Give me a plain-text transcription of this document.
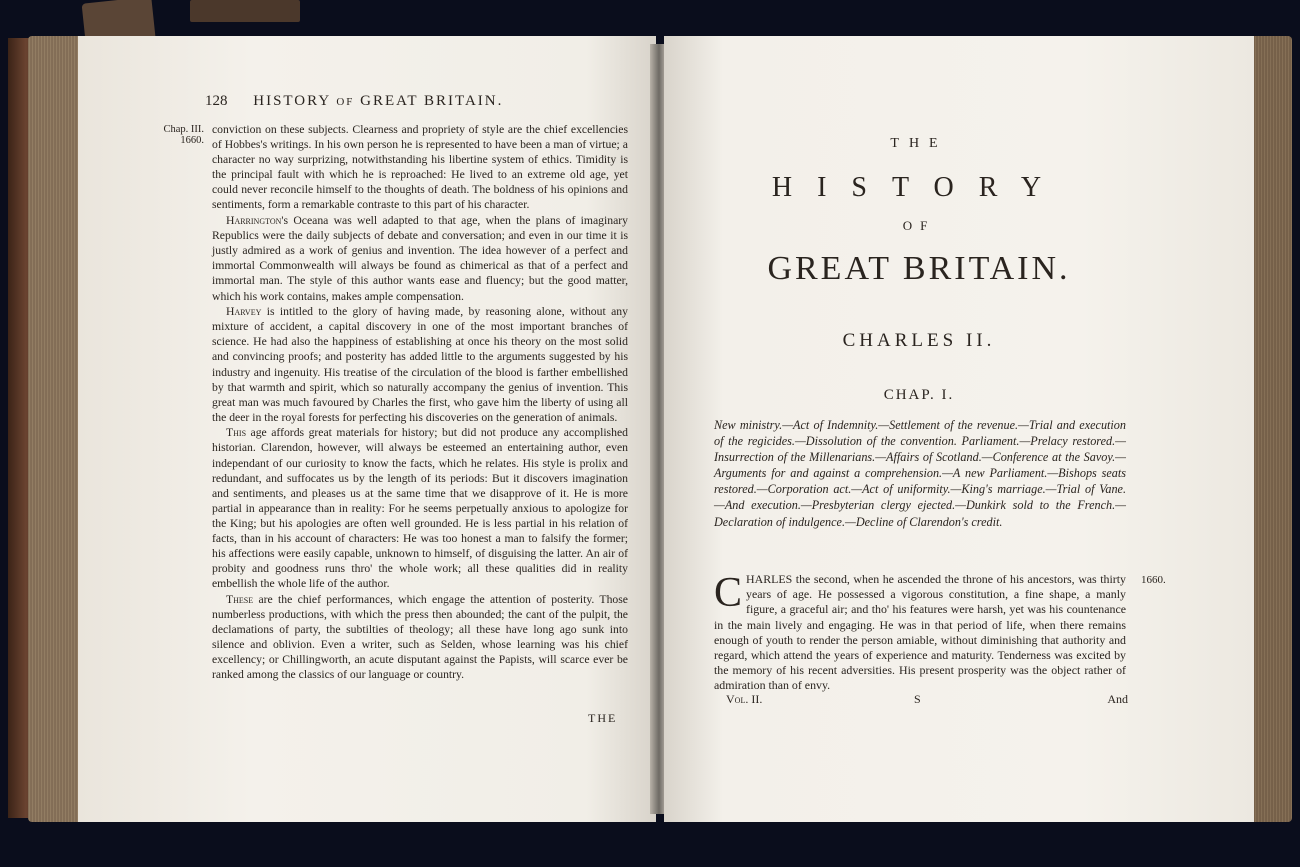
128 HISTORY OF GREAT BRITAIN.
Chap. III.
1660.

conviction on these subjects. Clearness and propriety of style are the chief excellencies of Hobbes's writings. In his own person he is represented to have been a man of virtue; a character no way surprizing, notwithstanding his libertine system of ethics. Timidity is the principal fault with which he is reproached: He lived to an extreme old age, yet could never reconcile himself to the thoughts of death. The boldness of his opinions and sentiments, form a remarkable contraste to this part of his character.

Harrington's Oceana was well adapted to that age, when the plans of imaginary Republics were the daily subjects of debate and conversation; and even in our time it is justly admired as a work of genius and invention. The idea however of a perfect and immortal Commonwealth will always be found as chimerical as that of a perfect and immortal man. The style of this author wants ease and fluency; but the good matter, which his work contains, makes ample compensation.

Harvey is intitled to the glory of having made, by reasoning alone, without any mixture of accident, a capital discovery in one of the most important branches of science. He had also the happiness of establishing at once his theory on the most solid and convincing proofs; and posterity has added little to the arguments suggested by his industry and ingenuity. His treatise of the circulation of the blood is farther embellished by that warmth and spirit, which so naturally accompany the genius of invention. This great man was much favoured by Charles the first, who gave him the liberty of using all the deer in the royal forests for perfecting his discoveries on the generation of animals.

This age affords great materials for history; but did not produce any accomplished historian. Clarendon, however, will always be esteemed an entertaining author, even independant of our curiosity to know the facts, which he relates. His style is prolix and redundant, and suffocates us by the length of its periods: But it discovers imagination and sentiments, and pleases us at the same time that we disapprove of it. He is more partial in appearance than in reality: For he seems perpetually anxious to apologize for the King; but his apologies are often well grounded. He is less partial in his relation of facts, than in his account of characters: He was too honest a man to falsify the former; his affections were easily capable, unknown to himself, of disguising the latter. An air of probity and goodness runs thro' the whole work; all these qualities did in reality embellish the whole life of the author.

These are the chief performances, which engage the attention of posterity. Those numberless productions, with which the press then abounded; the cant of the pulpit, the declamations of party, the subtilties of theology; all these have long ago sunk into silence and oblivion. Even a writer, such as Selden, whose learning was his chief excellency; or Chillingworth, an acute disputant against the Papists, will scarce ever be ranked among the classics of our language or country.

THE
THE
HISTORY
OF
GREAT BRITAIN.
CHARLES II.
CHAP. I.
New ministry.—Act of Indemnity.—Settlement of the revenue.—Trial and execution of the regicides.—Dissolution of the convention. Parliament.—Prelacy restored.—Insurrection of the Millenarians.—Affairs of Scotland.—Conference at the Savoy.—Arguments for and against a comprehension.—A new Parliament.—Bishops seats restored.—Corporation act.—Act of uniformity.—King's marriage.—Trial of Vane.—And execution.—Presbyterian clergy ejected.—Dunkirk sold to the French.—Declaration of indulgence.—Decline of Clarendon's credit.
CHARLES the second, when he ascended the throne of his ancestors, was thirty years of age. He possessed a vigorous constitution, a fine shape, a manly figure, a graceful air; and tho' his features were harsh, yet was his countenance in the main lively and engaging. He was in that period of life, when there remains enough of youth to render the person amiable, without diminishing that authority and regard, which attend the years of experience and maturity. Tenderness was excited by the memory of his recent adversities. His present prosperity was the object rather of admiration than of envy.
1660.
Vol. II.	S	And
